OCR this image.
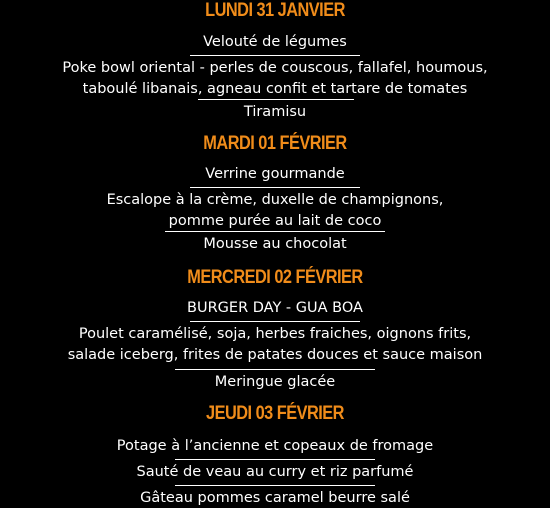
LUNDI 31 JANVIER
Velouté de légumes
Poke bowl oriental - perles de couscous, fallafel, houmous,
taboulé libanais, agneau confit et tartare de tomates
Tiramisu
MARDI 01 FÉVRIER
Verrine gourmande
Escalope à la crème, duxelle de champignons,
pomme purée au lait de coco
Mousse au chocolat
MERCREDI 02 FÉVRIER
BURGER DAY - GUA BOA
Poulet caramélisé, soja, herbes fraiches, oignons frits,
salade iceberg, frites de patates douces et sauce maison
Meringue glacée
JEUDI 03 FÉVRIER
Potage à l’ancienne et copeaux de fromage
Sauté de veau au curry et riz parfumé
Gâteau pommes caramel beurre salé
